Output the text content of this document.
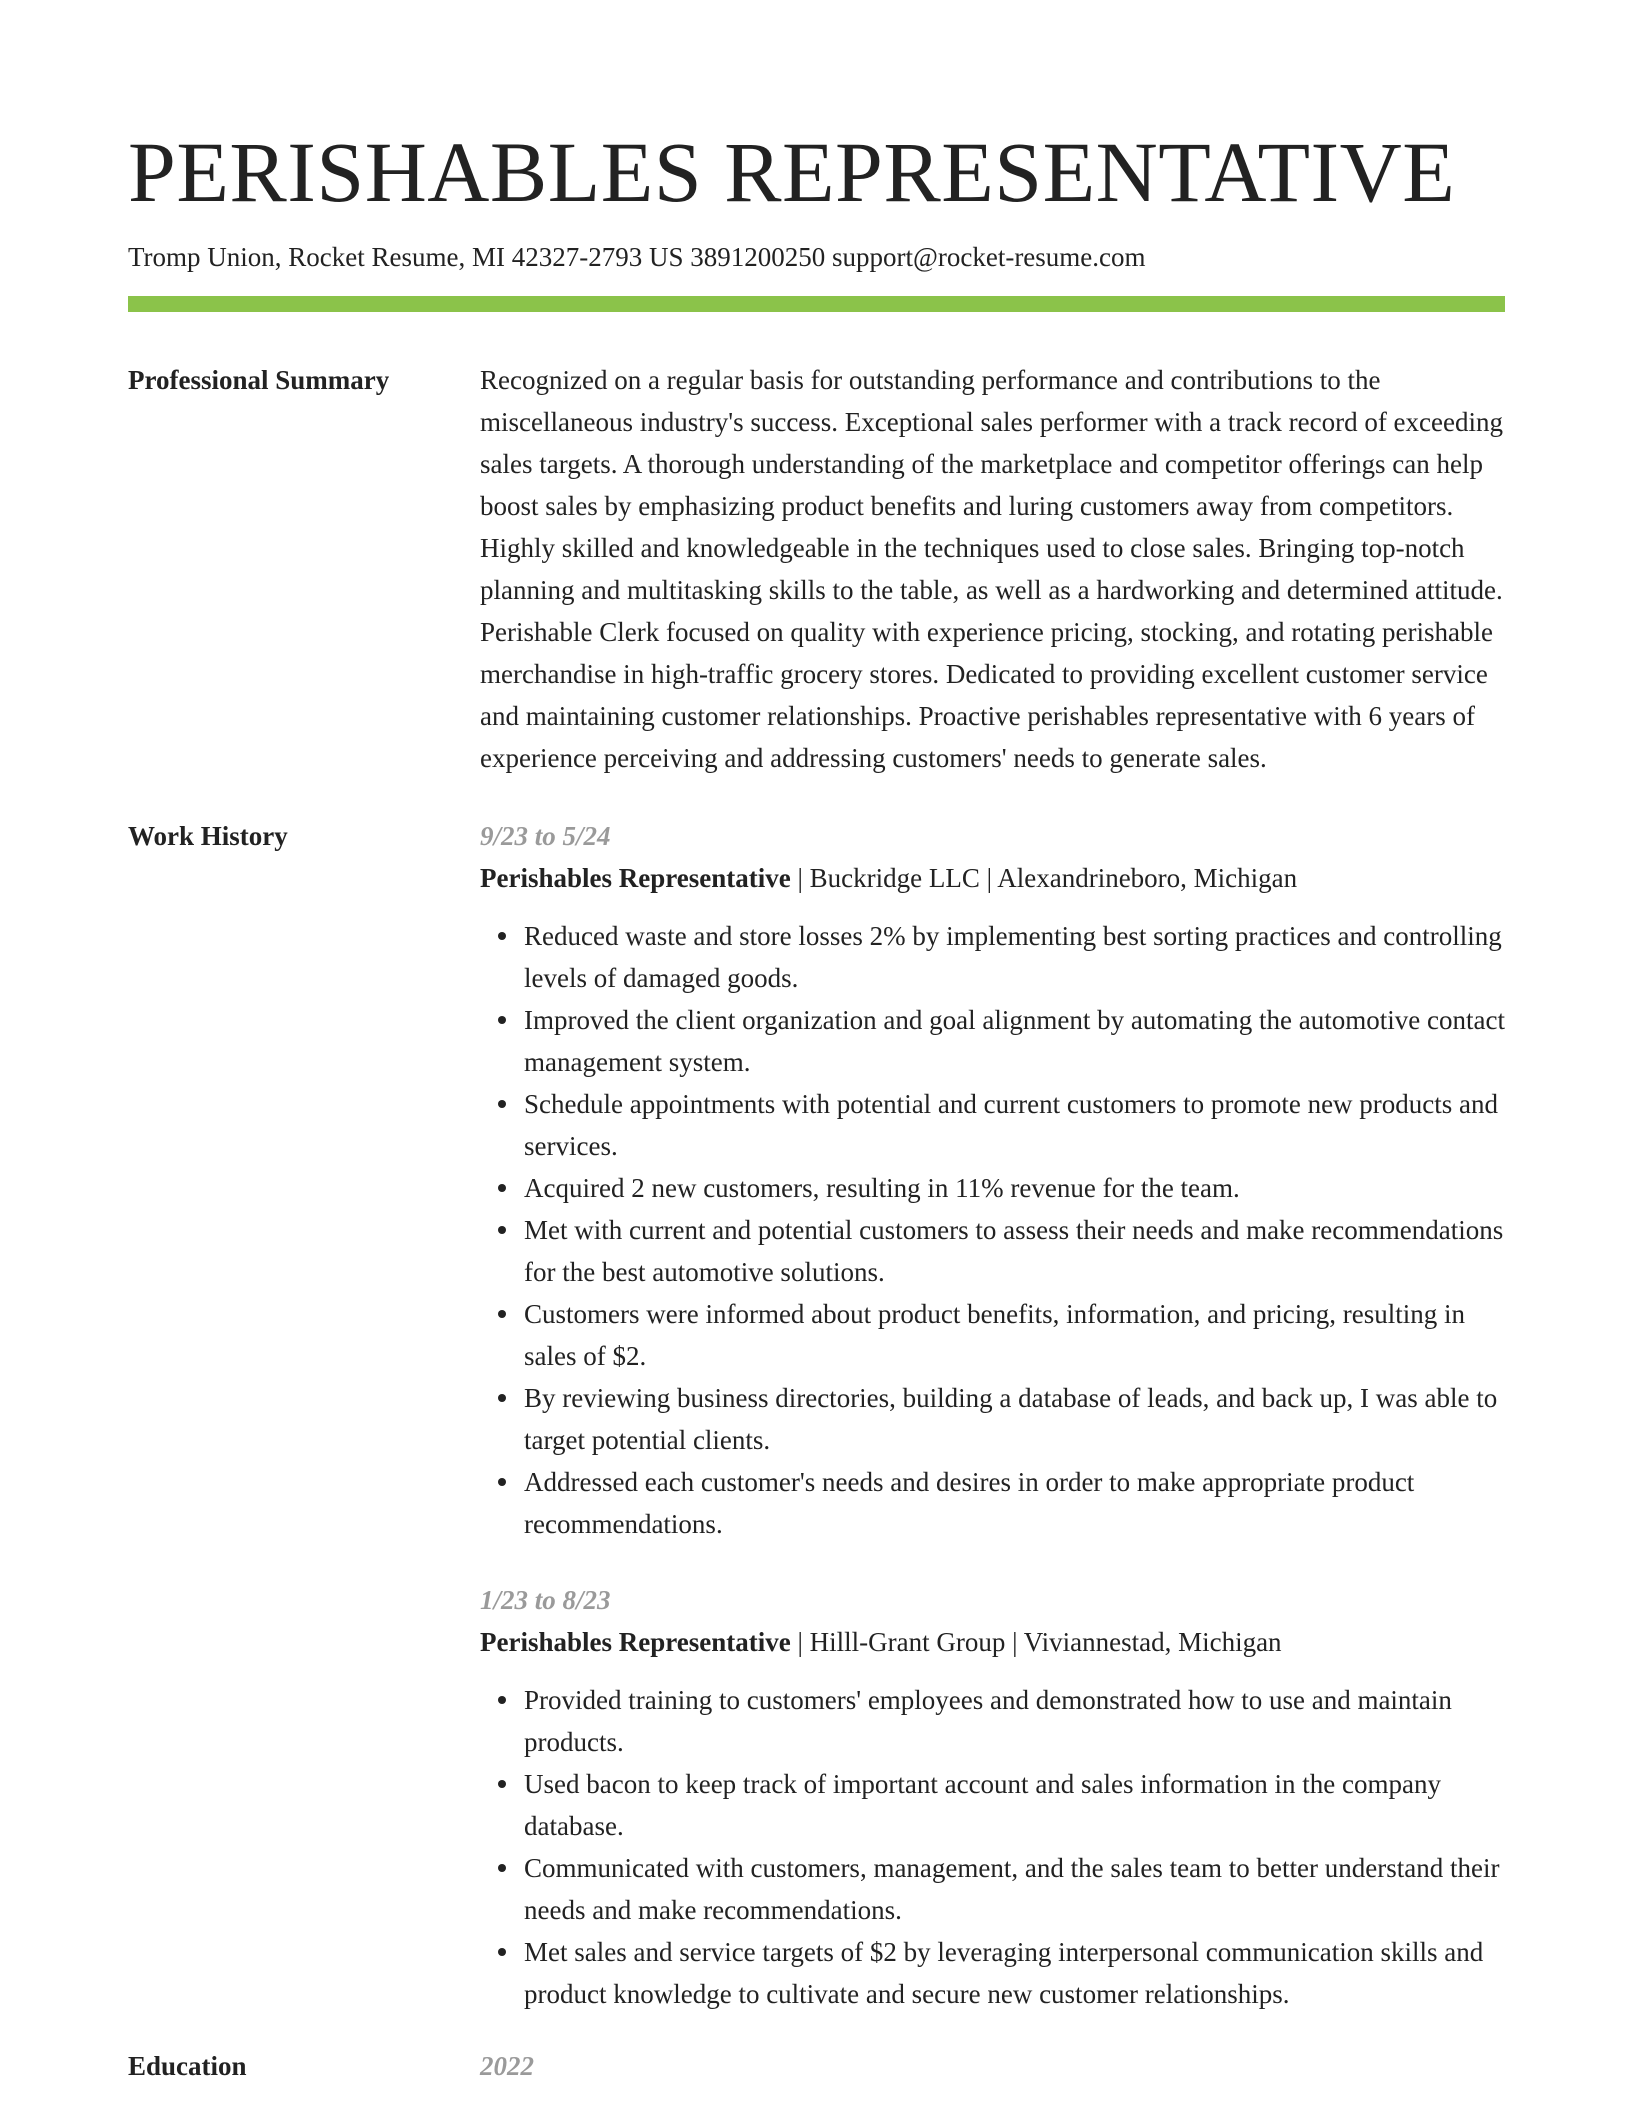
PERISHABLES REPRESENTATIVE
Tromp Union, Rocket Resume, MI 42327-2793 US 3891200250 support@rocket-resume.com
Professional Summary	Recognized on a regular basis for outstanding performance and contributions to the miscellaneous industry's success. Exceptional sales performer with a track record of exceeding sales targets. A thorough understanding of the marketplace and competitor offerings can help boost sales by emphasizing product benefits and luring customers away from competitors. Highly skilled and knowledgeable in the techniques used to close sales. Bringing top-notch planning and multitasking skills to the table, as well as a hardworking and determined attitude. Perishable Clerk focused on quality with experience pricing, stocking, and rotating perishable merchandise in high-traffic grocery stores. Dedicated to providing excellent customer service and maintaining customer relationships. Proactive perishables representative with 6 years of experience perceiving and addressing customers' needs to generate sales.
Work History	9/23 to 5/24
Perishables Representative | Buckridge LLC | Alexandrineboro, Michigan
Reduced waste and store losses 2% by implementing best sorting practices and controlling levels of damaged goods.
Improved the client organization and goal alignment by automating the automotive contact management system.
Schedule appointments with potential and current customers to promote new products and services.
Acquired 2 new customers, resulting in 11% revenue for the team.
Met with current and potential customers to assess their needs and make recommendations for the best automotive solutions.
Customers were informed about product benefits, information, and pricing, resulting in sales of $2.
By reviewing business directories, building a database of leads, and back up, I was able to target potential clients.
Addressed each customer's needs and desires in order to make appropriate product recommendations.
1/23 to 8/23
Perishables Representative | Hilll-Grant Group | Viviannestad, Michigan
Provided training to customers' employees and demonstrated how to use and maintain products.
Used bacon to keep track of important account and sales information in the company database.
Communicated with customers, management, and the sales team to better understand their needs and make recommendations.
Met sales and service targets of $2 by leveraging interpersonal communication skills and product knowledge to cultivate and secure new customer relationships.
Education	2022
